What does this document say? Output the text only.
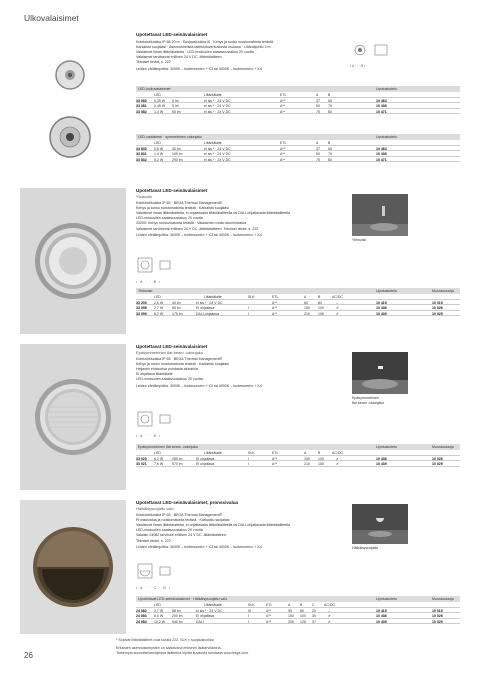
Ulkovalaisimet
Upotettavat LED-seinävalaisimet
Kotelointiluokka IP 68 20 m · Suojausluokka III · Kehys ja runko ruostumatonta terästä
Karkaistu suojalasi · Asennushelistä taitekuituverkostosta mukana · Liitäntäjohto 3 m
Valaisimet ilman liitäntälaitetta · LED-moduulien saatavuustakuu 20 vuotta
Valaisimet tarvitsevat erillisen 24 V DC -liitäntälaitteen.
Tekniset tiedot, s. 222
Leiden värilämpötila: 3000K – tuotenumero + K3 tai 4000K – tuotenumero + K4
• A · · · B •
LED-kulkuvalaisimet	Upotuskotelo
LED	Liitäntälaite	ETL	A	B
33 080 0,35 W 5 lm	ei sis.* · 24 V DC	A**	37 65	10 464
33 081 0,45 W 5 lm	ei sis.* · 24 V DC	A**	50 75	10 435
33 082 1,4 W	50 lm	ei sis.* · 24 V DC	A**	75 80	10 471
LED-valaisimet · symmetrinen valonjako	Upotuskotelo
LED	Liitäntälaite	ETL	A	B
33 830 0,6 W	30 lm	ei sis.* · 24 V DC	A**	37 65	10 464
33 831 1,4 W	105 lm	ei sis.* · 24 V DC	A**	50 75	10 435
33 832 5,2 W	290 lm	ei sis.* · 24 V DC	A**	75 80	10 471
Upotettavat LED-seinävalaisimet
Yleisvalo
Kotelointiluokka IP 65 · BEGA Thermal Management®
Kehys ja runko ruostumatonta terästä · Karkaistu suojalasi
Valaisimet ilman liitäntälaitetta, ei ohjattavalla liitäntälaitteella tai DALI-ohjattavalla liitäntälaitteella
LED-moduulien saatavuustakuu 20 vuotta
33200: Kehys ruostumatonta terästä · Valaisimen runko alumiinivalua
Valaisimet tarvitsevat erillisen 24 V DC -liitäntälaitteen. Tekniset tiedot, s. 222
Leiden värilämpötila: 3000K – tuotenumero + K3 tai 4000K – tuotenumero + K4
Yleisvalo
• A · · B •
Yleisvalo	Upotuskotelo	Muuraussarja
LED	Liitäntälaite	SLK	ETL	A	B	AC/DC
33 200 2,6 W	40 lm	ei sis.* · 24 V DC	A**	60	80	–	10 415	10 015
33 098 2,7 W	65 lm	Ei ohjattava	I	A**	150 100	✔	10 436	10 026
33 099 8,2 W	175 lm	DALI-ohjattava	I	A**	210 105	✔	10 439	10 029
Upotettavat LED-seinävalaisimet
Epäsymmetrinen flat beam -valonjako
Kotelointiluokka IP 65 · BEGA Thermal Management®
Kehys ja runko ruostumatonta terästä · Karkaistu suojalasi
Heijastin eloksoitua puhdasta alumiinia
Ei ohjattava liitäntälaite
LED-moduulien saatavuustakuu 20 vuotta
Leiden värilämpötila: 3000K – tuotenumero + K3 tai 4000K – tuotenumero + K4
Epäsymmetrinen
flat beam -valonjako
• A · · B •
Epäsymmetrinen flat beam -valonjako	Upotuskotelo	Muuraussarja
LED	Liitäntälaite	SLK	ETL	A	B	AC/DC
33 020 6,2 W	285 lm	Ei ohjattava	I	A**	150 100	✔	10 436	10 026
33 021 7,6 W	570 lm	Ei ohjattava	I	A**	210 105	✔	10 439	10 029
Upotettavat LED-seinävalaisimet, pronssivalua
Häikäisysuojattu valo
Kotelointiluokka IP 65 · BEGA Thermal Management®
Pronssivalua ja ruostumatonta terästä · Karkaistu suojalasi
Valaisimet ilman liitäntälaitetta, ei ohjattavalla liitäntälaitteella tai DALI-ohjattavalla liitäntälaitteella
LED-moduulien saatavuustakuu 20 vuotta
Valaisin 24082 tarvitsee erillisen 24 V DC -liitäntälaitteen.
Tekniset tiedot, s. 222
Leiden värilämpötila: 3000K – tuotenumero + K3 tai 4000K – tuotenumero + K4	Häikäisysuojattu
• A · · C · B •
Upotettavat LED-seinävalaisimet · Häikäisysuojattu valo	Upotuskotelo	Muuraussarja
LED	Liitäntälaite	SLK	ETL	A	B	C	AC/DC
24 082 2,7 W	88 lm	ei sis.* · 24 V DC	III	A**	95 80 20	–	10 415	10 015
24 083 6,0 W	200 lm	Ei ohjattava	I	A**	150 100 30	✔	10 436	10 026
24 084 10,2 W 540 lm	DALI	I	A**	200 125 37	✔	10 439	10 029
* Sopivat liitäntälaitteet ovat sivulla 222. SLK = suojausluokka
Erilaisten asennuskehysten on saatavana erikseen lisätarvikkeina.
Tarkempia suunnittelusohjeissa lisätietoa löydät kuvausta kohdasta www.bega.com.
26
